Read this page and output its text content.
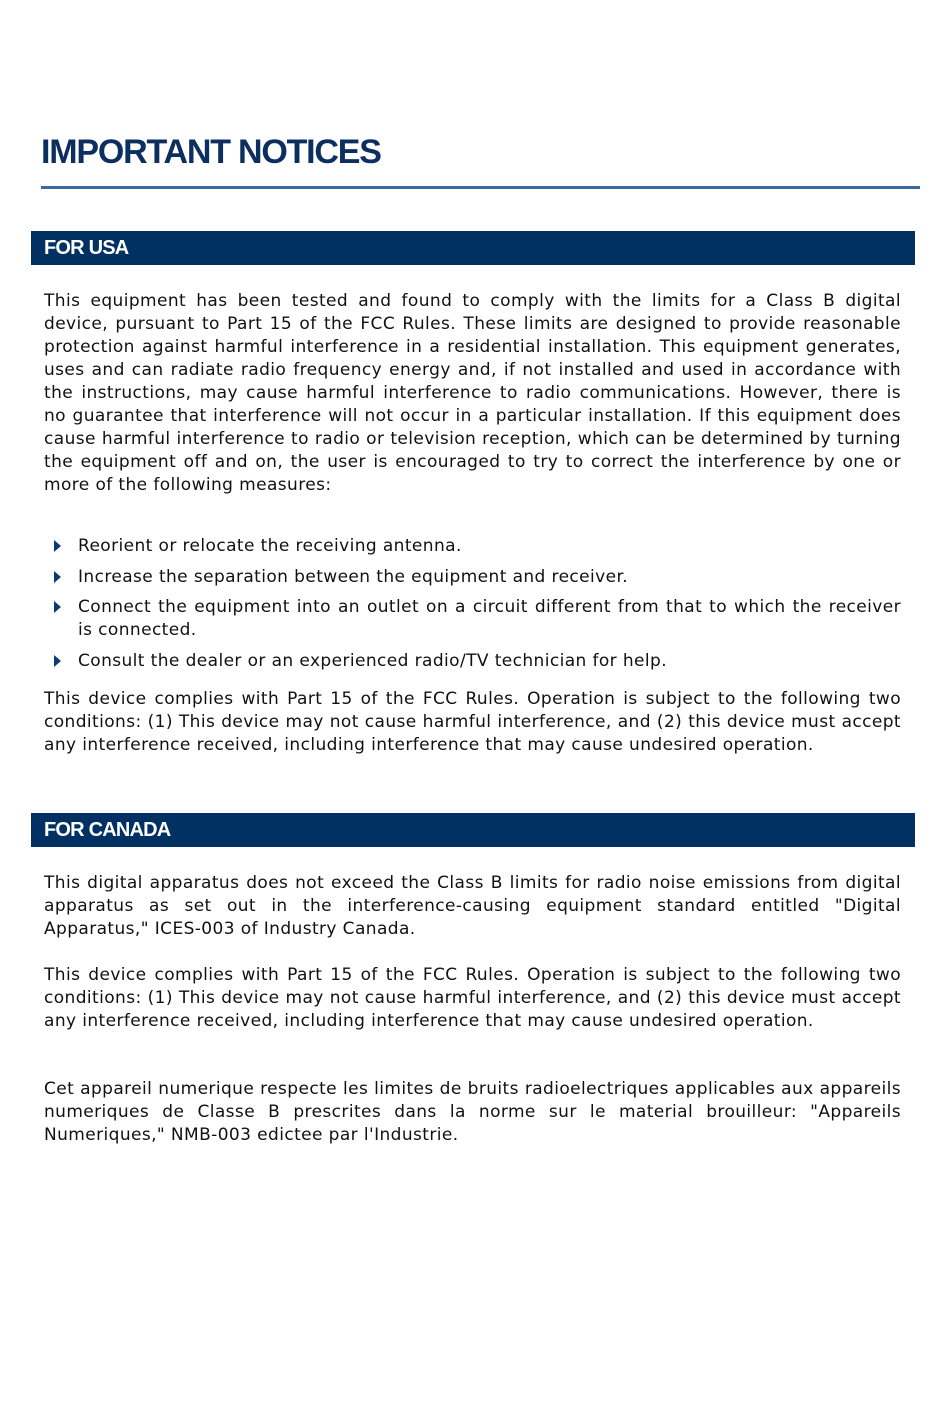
IMPORTANT NOTICES
FOR USA

This equipment has been tested and found to comply with the limits for a Class B digital device, pursuant to Part 15 of the FCC Rules. These limits are designed to provide reasonable protection against harmful interference in a residential installation. This equipment generates, uses and can radiate radio frequency energy and, if not installed and used in accordance with the instructions, may cause harmful interference to radio communications. However, there is no guarantee that interference will not occur in a particular installation. If this equipment does cause harmful interference to radio or television reception, which can be determined by turning the equipment off and on, the user is encouraged to try to correct the interference by one or more of the following measures:

Reorient or relocate the receiving antenna.
Increase the separation between the equipment and receiver.
Connect the equipment into an outlet on a circuit different from that to which the receiver is connected.
Consult the dealer or an experienced radio/TV technician for help.

This device complies with Part 15 of the FCC Rules. Operation is subject to the following two conditions: (1) This device may not cause harmful interference, and (2) this device must accept any interference received, including interference that may cause undesired operation.

FOR CANADA

This digital apparatus does not exceed the Class B limits for radio noise emissions from digital apparatus as set out in the interference-causing equipment standard entitled "Digital Apparatus," ICES-003 of Industry Canada.

This device complies with Part 15 of the FCC Rules. Operation is subject to the following two conditions: (1) This device may not cause harmful interference, and (2) this device must accept any interference received, including interference that may cause undesired operation.

Cet appareil numerique respecte les limites de bruits radioelectriques applicables aux appareils numeriques de Classe B prescrites dans la norme sur le material brouilleur: "Appareils Numeriques," NMB-003 edictee par l'Industrie.
